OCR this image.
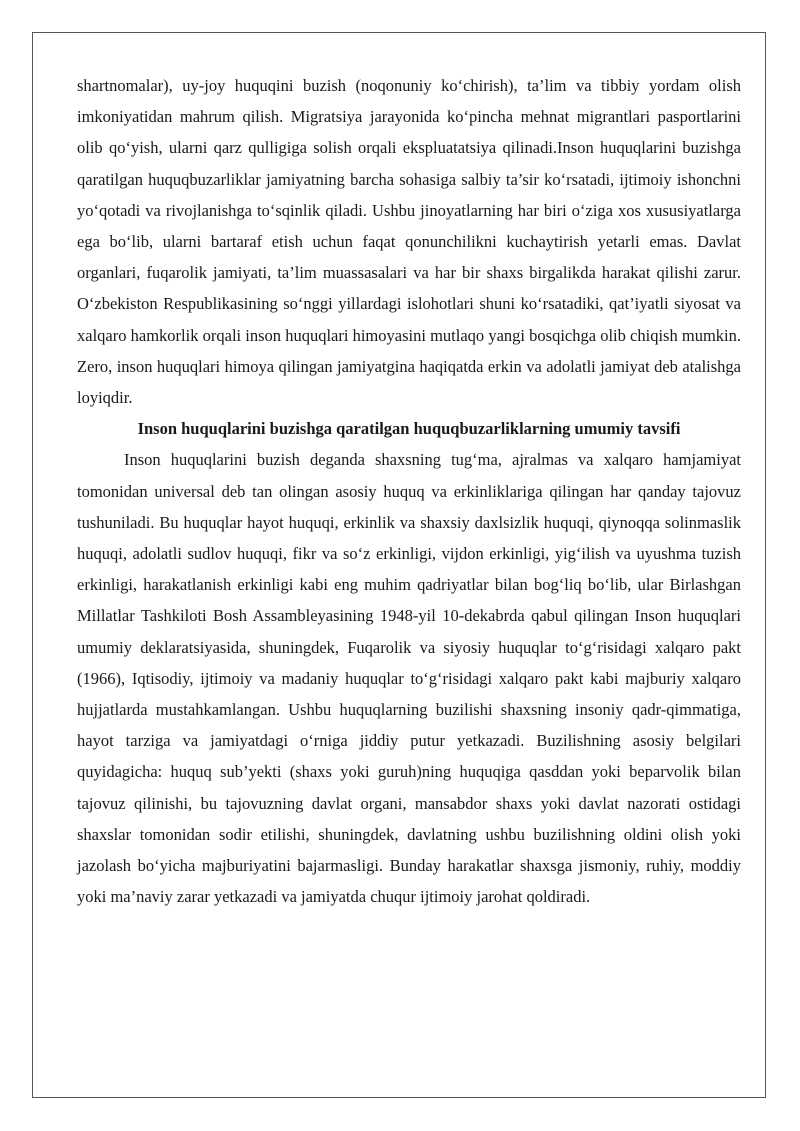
shartnomalar), uy-joy huquqini buzish (noqonuniy ko‘chirish), ta’lim va tibbiy yordam olish imkoniyatidan mahrum qilish. Migratsiya jarayonida ko‘pincha mehnat migrantlari pasportlarini olib qo‘yish, ularni qarz qulligiga solish orqali ekspluatatsiya qilinadi.Inson huquqlarini buzishga qaratilgan huquqbuzarliklar jamiyatning barcha sohasiga salbiy ta’sir ko‘rsatadi, ijtimoiy ishonchni yo‘qotadi va rivojlanishga to‘sqinlik qiladi. Ushbu jinoyatlarning har biri o‘ziga xos xususiyatlarga ega bo‘lib, ularni bartaraf etish uchun faqat qonunchilikni kuchaytirish yetarli emas. Davlat organlari, fuqarolik jamiyati, ta’lim muassasalari va har bir shaxs birgalikda harakat qilishi zarur. O‘zbekiston Respublikasining so‘nggi yillardagi islohotlari shuni ko‘rsatadiki, qat’iyatli siyosat va xalqaro hamkorlik orqali inson huquqlari himoyasini mutlaqo yangi bosqichga olib chiqish mumkin. Zero, inson huquqlari himoya qilingan jamiyatgina haqiqatda erkin va adolatli jamiyat deb atalishga loyiqdir.

Inson huquqlarini buzishga qaratilgan huquqbuzarliklarning umumiy tavsifi

Inson huquqlarini buzish deganda shaxsning tug‘ma, ajralmas va xalqaro hamjamiyat tomonidan universal deb tan olingan asosiy huquq va erkinliklariga qilingan har qanday tajovuz tushuniladi. Bu huquqlar hayot huquqi, erkinlik va shaxsiy daxlsizlik huquqi, qiynoqqa solinmaslik huquqi, adolatli sudlov huquqi, fikr va so‘z erkinligi, vijdon erkinligi, yig‘ilish va uyushma tuzish erkinligi, harakatlanish erkinligi kabi eng muhim qadriyatlar bilan bog‘liq bo‘lib, ular Birlashgan Millatlar Tashkiloti Bosh Assambleyasining 1948-yil 10-dekabrda qabul qilingan Inson huquqlari umumiy deklaratsiyasida, shuningdek, Fuqarolik va siyosiy huquqlar to‘g‘risidagi xalqaro pakt (1966), Iqtisodiy, ijtimoiy va madaniy huquqlar to‘g‘risidagi xalqaro pakt kabi majburiy xalqaro hujjatlarda mustahkamlangan. Ushbu huquqlarning buzilishi shaxsning insoniy qadr-qimmatiga, hayot tarziga va jamiyatdagi o‘rniga jiddiy putur yetkazadi. Buzilishning asosiy belgilari quyidagicha: huquq sub’yekti (shaxs yoki guruh)ning huquqiga qasddan yoki beparvolik bilan tajovuz qilinishi, bu tajovuzning davlat organi, mansabdor shaxs yoki davlat nazorati ostidagi shaxslar tomonidan sodir etilishi, shuningdek, davlatning ushbu buzilishning oldini olish yoki jazolash bo‘yicha majburiyatini bajarmasligi. Bunday harakatlar shaxsga jismoniy, ruhiy, moddiy yoki ma’naviy zarar yetkazadi va jamiyatda chuqur ijtimoiy jarohat qoldiradi.
